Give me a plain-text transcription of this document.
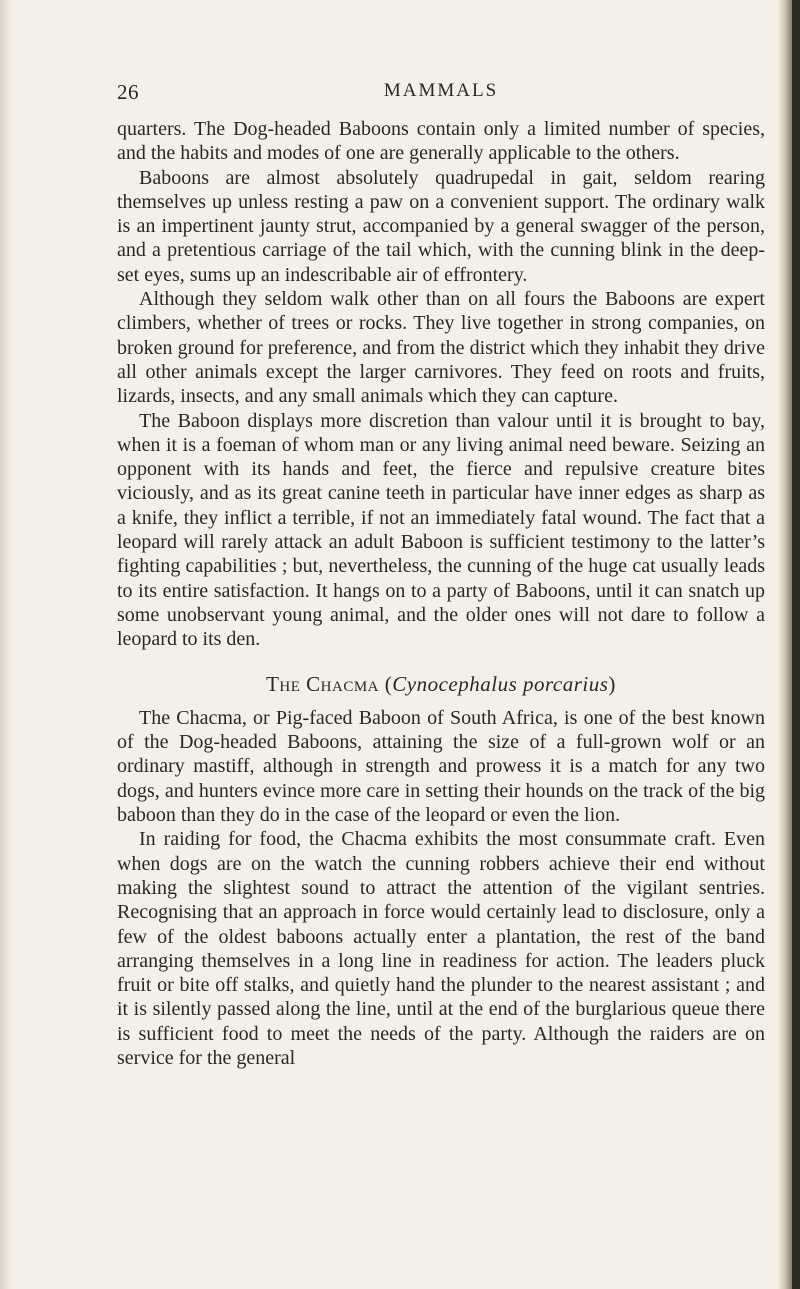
26	MAMMALS

quarters. The Dog-headed Baboons contain only a limited number of species, and the habits and modes of one are generally applicable to the others.

Baboons are almost absolutely quadrupedal in gait, seldom rearing themselves up unless resting a paw on a convenient support. The ordinary walk is an impertinent jaunty strut, accompanied by a general swagger of the person, and a pretentious carriage of the tail which, with the cunning blink in the deep-set eyes, sums up an indescribable air of effrontery.

Although they seldom walk other than on all fours the Baboons are expert climbers, whether of trees or rocks. They live together in strong companies, on broken ground for preference, and from the district which they inhabit they drive all other animals except the larger carnivores. They feed on roots and fruits, lizards, insects, and any small animals which they can capture.

The Baboon displays more discretion than valour until it is brought to bay, when it is a foeman of whom man or any living animal need beware. Seizing an opponent with its hands and feet, the fierce and repulsive creature bites viciously, and as its great canine teeth in particular have inner edges as sharp as a knife, they inflict a terrible, if not an immediately fatal wound. The fact that a leopard will rarely attack an adult Baboon is sufficient testimony to the latter’s fighting capabilities ; but, nevertheless, the cunning of the huge cat usually leads to its entire satisfaction. It hangs on to a party of Baboons, until it can snatch up some unobservant young animal, and the older ones will not dare to follow a leopard to its den.

The Chacma (Cynocephalus porcarius)

The Chacma, or Pig-faced Baboon of South Africa, is one of the best known of the Dog-headed Baboons, attaining the size of a full-grown wolf or an ordinary mastiff, although in strength and prowess it is a match for any two dogs, and hunters evince more care in setting their hounds on the track of the big baboon than they do in the case of the leopard or even the lion.

In raiding for food, the Chacma exhibits the most consummate craft. Even when dogs are on the watch the cunning robbers achieve their end without making the slightest sound to attract the attention of the vigilant sentries. Recognising that an approach in force would certainly lead to disclosure, only a few of the oldest baboons actually enter a plantation, the rest of the band arranging themselves in a long line in readiness for action. The leaders pluck fruit or bite off stalks, and quietly hand the plunder to the nearest assistant ; and it is silently passed along the line, until at the end of the burglarious queue there is sufficient food to meet the needs of the party. Although the raiders are on service for the general
